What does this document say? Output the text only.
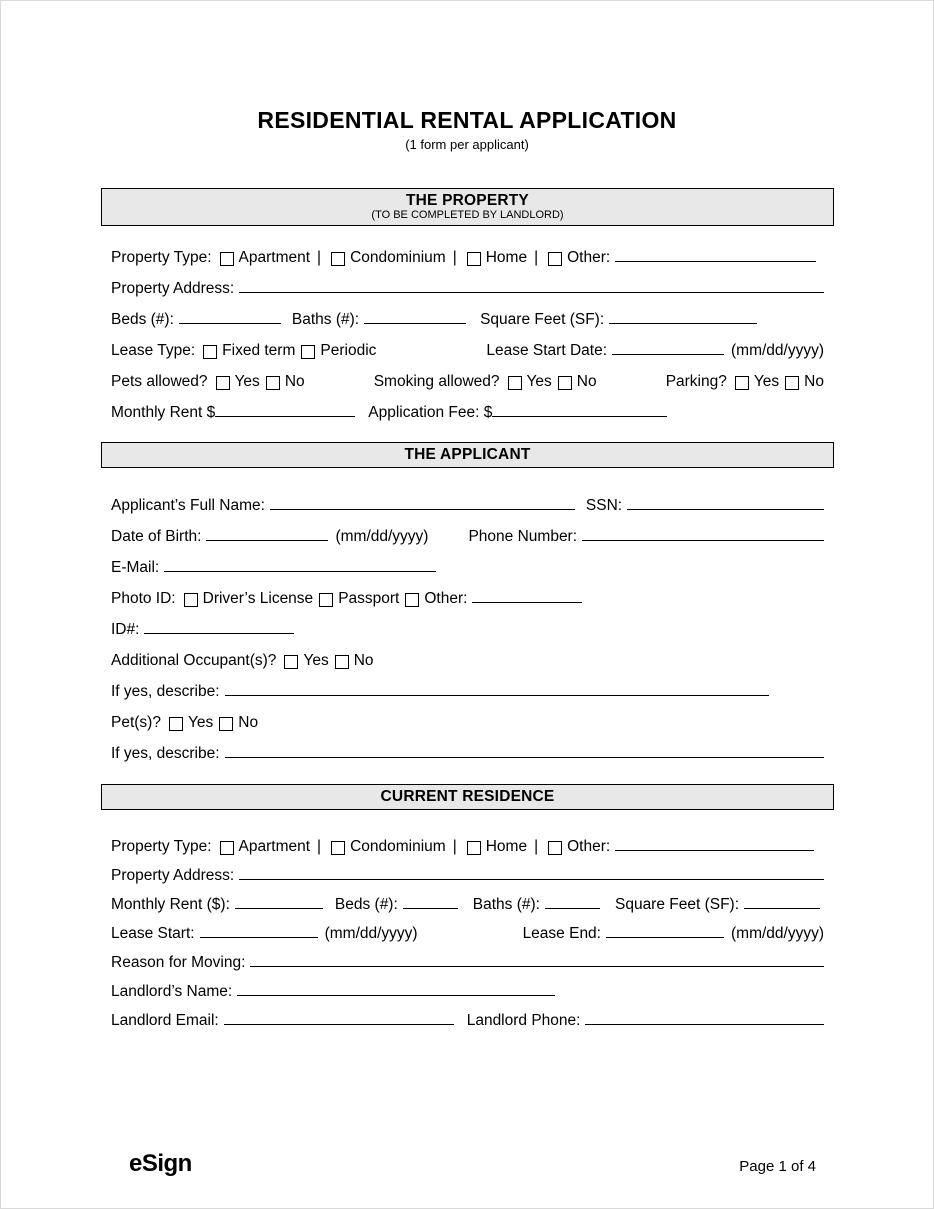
RESIDENTIAL RENTAL APPLICATION
(1 form per applicant)
THE PROPERTY
(TO BE COMPLETED BY LANDLORD)
Property Type: Apartment | Condominium | Home | Other:
Property Address:
Beds (#):	Baths (#):	Square Feet (SF):
Lease Type: Fixed term Periodic	Lease Start Date:	(mm/dd/yyyy)
Pets allowed? Yes No	Smoking allowed? Yes No	Parking? Yes No
Monthly Rent $	Application Fee: $
THE APPLICANT
Applicant’s Full Name:	SSN:
Date of Birth:	(mm/dd/yyyy)	Phone Number:
E-Mail:
Photo ID: Driver’s License Passport Other:
ID#:
Additional Occupant(s)? Yes No
If yes, describe:
Pet(s)? Yes No
If yes, describe:
CURRENT RESIDENCE
Property Type: Apartment | Condominium | Home | Other:
Property Address:
Monthly Rent ($):	Beds (#):	Baths (#):	Square Feet (SF):
Lease Start:	(mm/dd/yyyy)	Lease End:	(mm/dd/yyyy)
Reason for Moving:
Landlord’s Name:
Landlord Email:	Landlord Phone:
eSign	Page 1 of 4
